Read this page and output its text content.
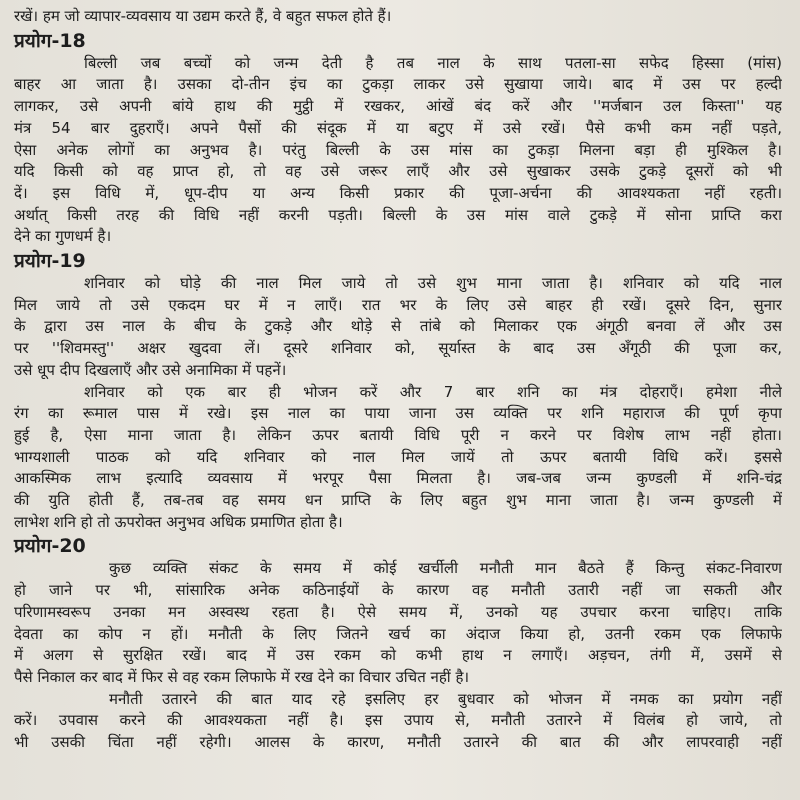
रखें। हम जो व्यापार-व्यवसाय या उद्यम करते हैं, वे बहुत सफल होते हैं।

प्रयोग-18

बिल्ली जब बच्चों को जन्म देती है तब नाल के साथ पतला-सा सफेद हिस्सा (मांस)

बाहर आ जाता है। उसका दो-तीन इंच का टुकड़ा लाकर उसे सुखाया जाये। बाद में उस पर हल्दी

लागकर, उसे अपनी बांये हाथ की मुट्ठी में रखकर, आंखें बंद करें और ''मर्जबान उल किस्ता'' यह

मंत्र 54 बार दुहराएँ। अपने पैसों की संदूक में या बटुए में उसे रखें। पैसे कभी कम नहीं पड़ते,

ऐसा अनेक लोगों का अनुभव है। परंतु बिल्ली के उस मांस का टुकड़ा मिलना बड़ा ही मुश्किल है।

यदि किसी को वह प्राप्त हो, तो वह उसे जरूर लाएँ और उसे सुखाकर उसके टुकड़े दूसरों को भी

दें। इस विधि में, धूप-दीप या अन्य किसी प्रकार की पूजा-अर्चना की आवश्यकता नहीं रहती।

अर्थात् किसी तरह की विधि नहीं करनी पड़ती। बिल्ली के उस मांस वाले टुकड़े में सोना प्राप्ति करा

देने का गुणधर्म है।

प्रयोग-19

शनिवार को घोड़े की नाल मिल जाये तो उसे शुभ माना जाता है। शनिवार को यदि नाल

मिल जाये तो उसे एकदम घर में न लाएँ। रात भर के लिए उसे बाहर ही रखें। दूसरे दिन, सुनार

के द्वारा उस नाल के बीच के टुकड़े और थोड़े से तांबे को मिलाकर एक अंगूठी बनवा लें और उस

पर ''शिवमस्तु'' अक्षर खुदवा लें। दूसरे शनिवार को, सूर्यास्त के बाद उस अँगूठी की पूजा कर,

उसे धूप दीप दिखलाएँ और उसे अनामिका में पहनें।

शनिवार को एक बार ही भोजन करें और 7 बार शनि का मंत्र दोहराएँ। हमेशा नीले

रंग का रूमाल पास में रखे। इस नाल का पाया जाना उस व्यक्ति पर शनि महाराज की पूर्ण कृपा

हुई है, ऐसा माना जाता है। लेकिन ऊपर बतायी विधि पूरी न करने पर विशेष लाभ नहीं होता।

भाग्यशाली पाठक को यदि शनिवार को नाल मिल जायें तो ऊपर बतायी विधि करें। इससे

आकस्मिक लाभ इत्यादि व्यवसाय में भरपूर पैसा मिलता है। जब-जब जन्म कुण्डली में शनि-चंद्र

की युति होती हैं, तब-तब वह समय धन प्राप्ति के लिए बहुत शुभ माना जाता है। जन्म कुण्डली में

लाभेश शनि हो तो ऊपरोक्त अनुभव अधिक प्रमाणित होता है।

प्रयोग-20

कुछ व्यक्ति संकट के समय में कोई खर्चीली मनौती मान बैठते हैं किन्तु संकट-निवारण

हो जाने पर भी, सांसारिक अनेक कठिनाईयों के कारण वह मनौती उतारी नहीं जा सकती और

परिणामस्वरूप उनका मन अस्वस्थ रहता है। ऐसे समय में, उनको यह उपचार करना चाहिए। ताकि

देवता का कोप न हों। मनौती के लिए जितने खर्च का अंदाज किया हो, उतनी रकम एक लिफाफे

में अलग से सुरक्षित रखें। बाद में उस रकम को कभी हाथ न लगाएँ। अड़चन, तंगी में, उसमें से

पैसे निकाल कर बाद में फिर से वह रकम लिफाफे में रख देने का विचार उचित नहीं है।

मनौती उतारने की बात याद रहे इसलिए हर बुधवार को भोजन में नमक का प्रयोग नहीं

करें। उपवास करने की आवश्यकता नहीं है। इस उपाय से, मनौती उतारने में विलंब हो जाये, तो

भी उसकी चिंता नहीं रहेगी। आलस के कारण, मनौती उतारने की बात की और लापरवाही नहीं
